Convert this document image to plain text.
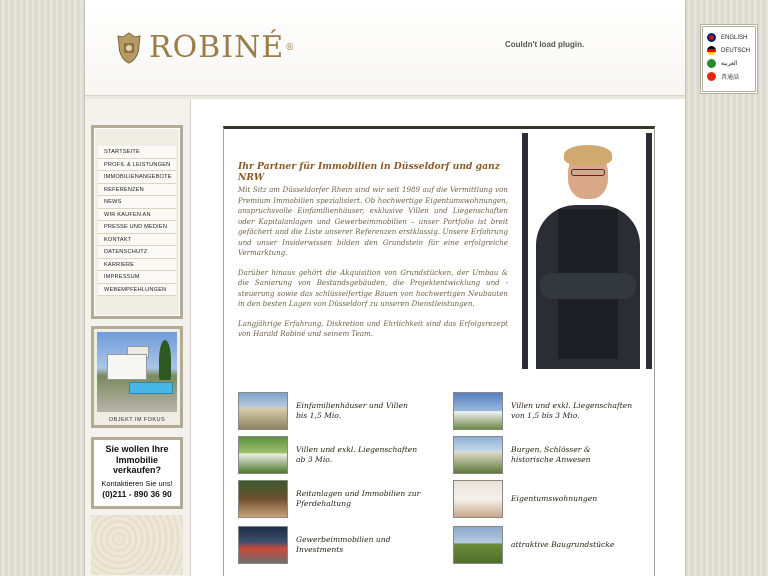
ROBINÉ ®	Couldn't load plugin.
STARTSEITE
PROFIL & LEISTUNGEN
IMMOBILIENANGEBOTE
REFERENZEN
NEWS
WIR KAUFEN AN
PRESSE UND MEDIEN
KONTAKT
DATENSCHUTZ
KARRIERE
IMPRESSUM
WEBEMPFEHLUNGEN
OBJEKT IM FOKUS
Sie wollen Ihre Immobilie verkaufen?
Kontaktieren Sie uns!
(0)211 - 890 36 90
Ihr Partner für Immobilien in Düsseldorf und ganz NRW

Mit Sitz am Düsseldorfer Rhein sind wir seit 1989 auf die Vermittlung von Premium Immobilien spezialisiert. Ob hochwertige Eigentumswohnungen, anspruchsvolle Einfamilienhäuser, exklusive Villen und Liegenschaften oder Kapitalanlagen und Gewerbeimmobilien – unser Portfolio ist breit gefächert und die Liste unserer Referenzen erstklassig. Unsere Erfahrung und unser Insiderwissen bilden den Grundstein für eine erfolgreiche Vermarktung.

Darüber hinaus gehört die Akquisition von Grundstücken, der Umbau & die Sanierung von Bestandsgebäuden, die Projektentwicklung und -steuerung sowie das schlüsselfertige Bauen von hochwertigen Neubauten in den besten Lagen von Düsseldorf zu unseren Dienstleistungen.

Langjährige Erfahrung, Diskretion und Ehrlichkeit sind das Erfolgsrezept von Harald Robiné und seinem Team.

Einfamilienhäuser und Villen
bis 1,5 Mio.
Villen und exkl. Liegenschaften
von 1,5 bis 3 Mio.
Villen und exkl. Liegenschaften
ab 3 Mio.
Burgen, Schlösser &
historische Anwesen
Reitanlagen und Immobilien zur
Pferdehaltung
Eigentumswohnungen
Gewerbeimmobilien und Investments
attraktive Baugrundstücke
ENGLISH
DEUTSCH
العربية
普通話
